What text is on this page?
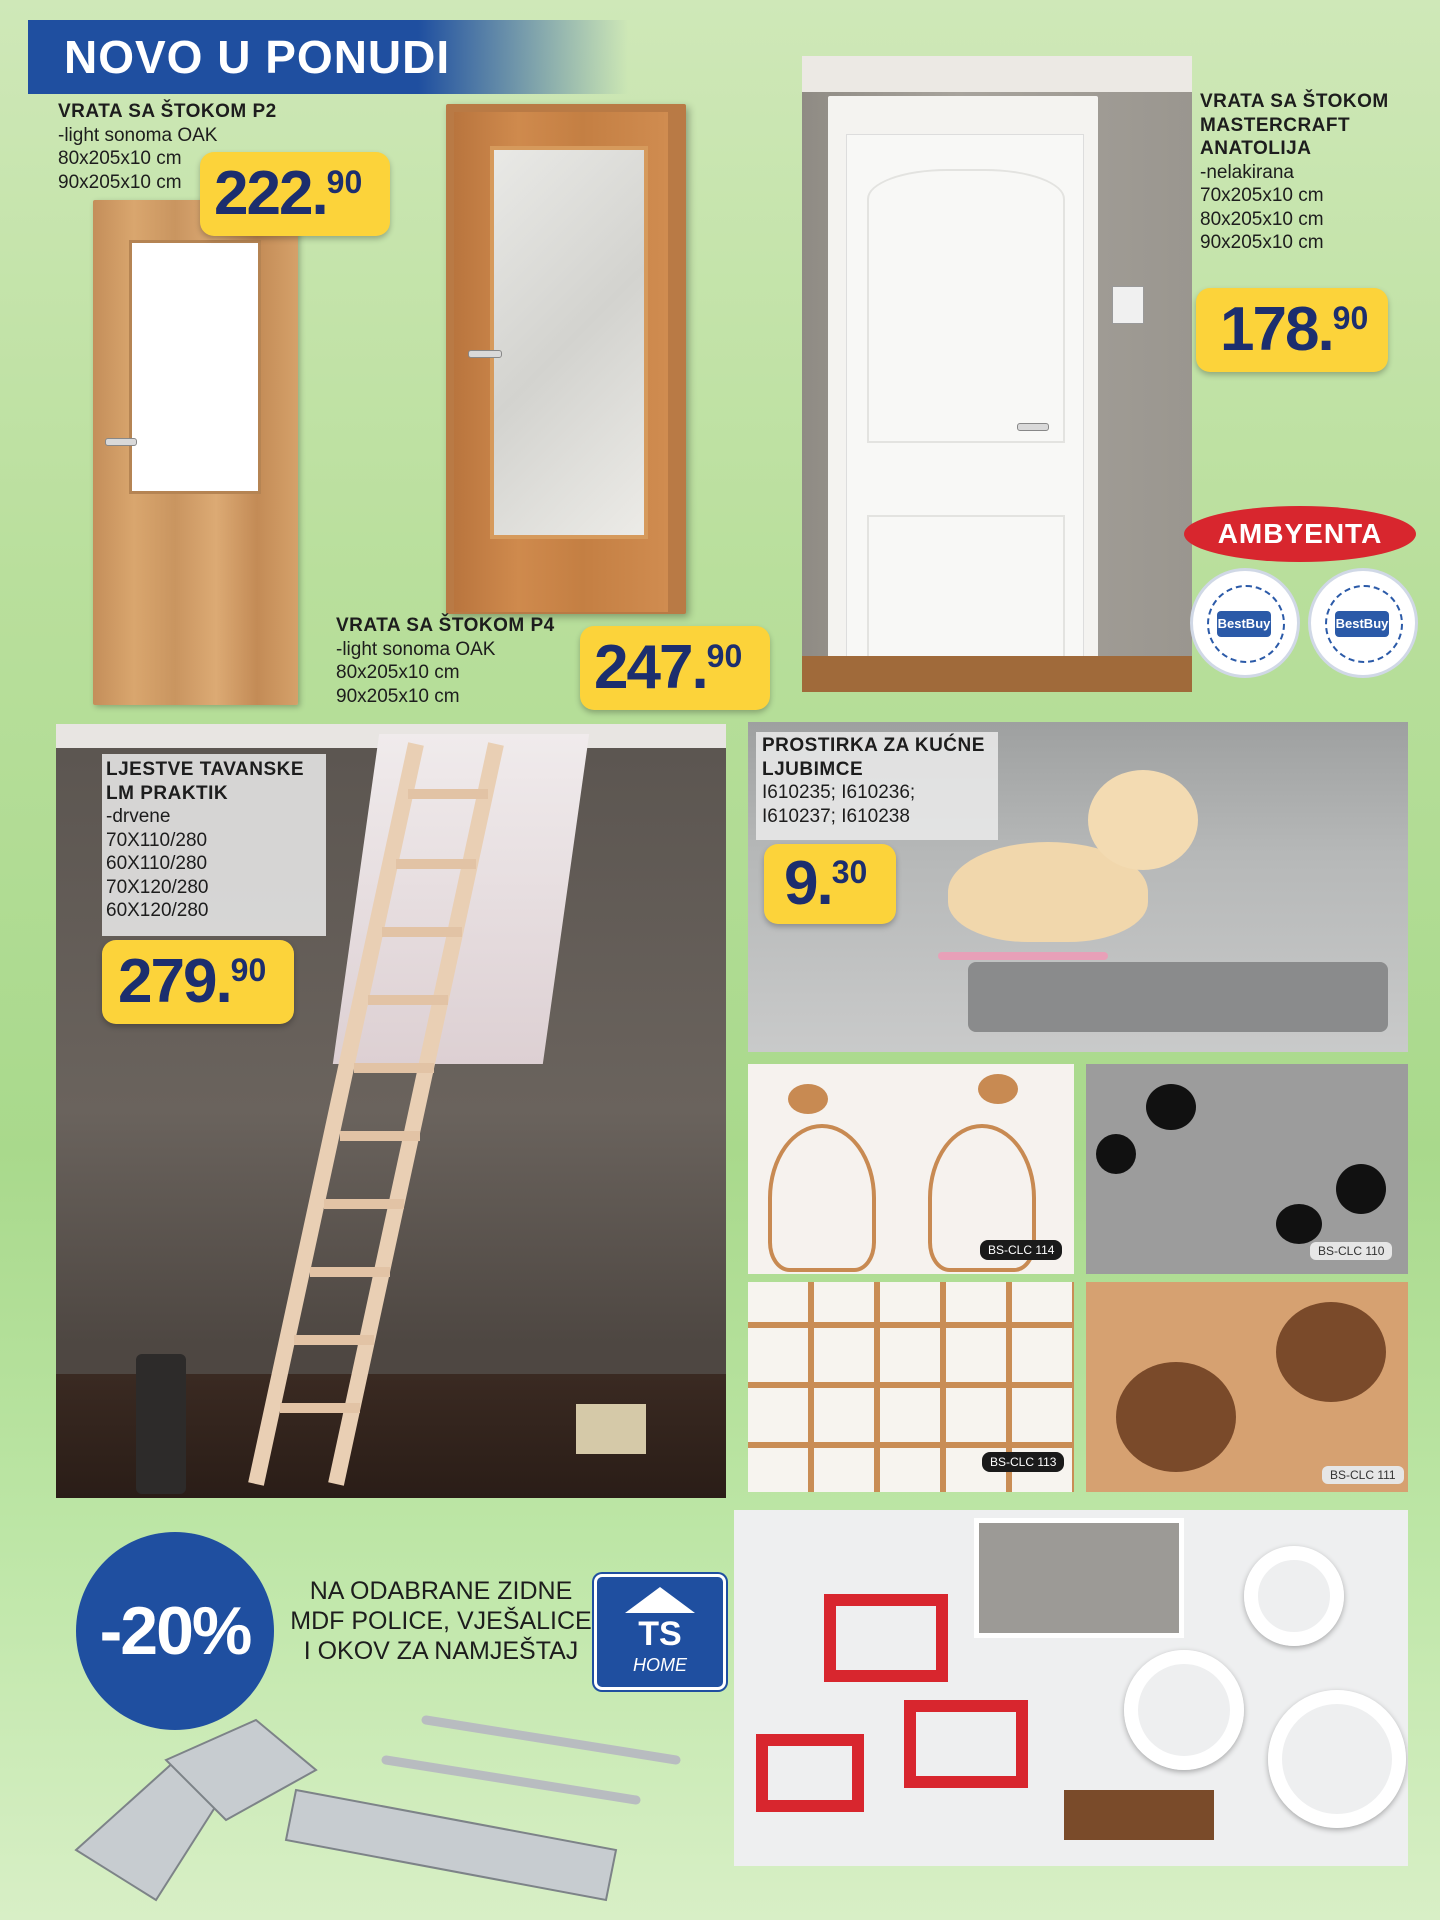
NOVO U PONUDI
VRATA SA ŠTOKOM P2
-light sonoma OAK
80x205x10 cm
90x205x10 cm 222.90
VRATA SA ŠTOKOM P4
-light sonoma OAK
80x205x10 cm
90x205x10 cm	247.90
VRATA SA ŠTOKOM
MASTERCRAFT
ANATOLIJA
-nelakirana
70x205x10 cm
80x205x10 cm
90x205x10 cm
178.90
AMBYENTA
BestBuy	BestBuy
LJESTVE TAVANSKE
LM PRAKTIK
-drvene
70X110/280
60X110/280
70X120/280
60X120/280
279.90
PROSTIRKA ZA KUĆNE
LJUBIMCE
I610235; I610236;
I610237; I610238
9.30
BS-CLC 114	BS-CLC 110
BS-CLC 113
BS-CLC 111
-20%
NA ODABRANE ZIDNE
MDF POLICE, VJEŠALICE
I OKOV ZA NAMJEŠTAJ	TS
HOME
